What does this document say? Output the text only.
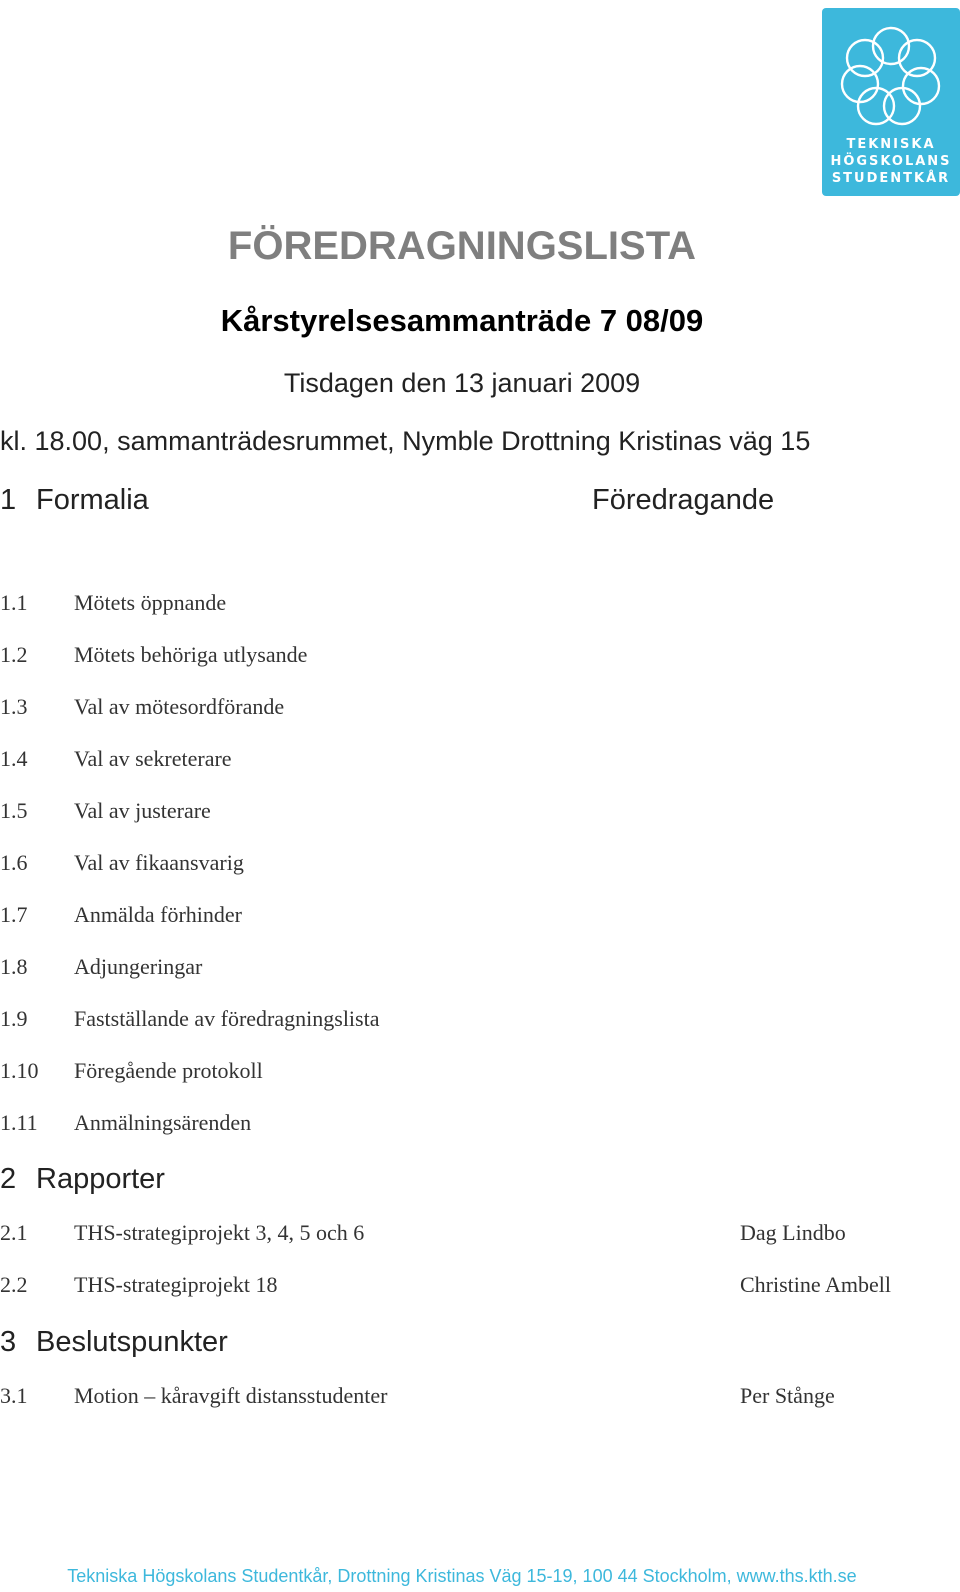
TEKNISKA
HÖGSKOLANS
STUDENTKÅR
FÖREDRAGNINGSLISTA
Kårstyrelsesammanträde 7 08/09
Tisdagen den 13 januari 2009
kl. 18.00, sammanträdesrummet, Nymble Drottning Kristinas väg 15
1 Formalia	Föredragande
1.1 Mötets öppnande
1.2 Mötets behöriga utlysande
1.3 Val av mötesordförande
1.4 Val av sekreterare
1.5 Val av justerare
1.6 Val av fikaansvarig
1.7 Anmälda förhinder
1.8 Adjungeringar
1.9 Fastställande av föredragningslista
1.10 Föregående protokoll
1.11 Anmälningsärenden
2 Rapporter
2.1 THS-strategiprojekt 3, 4, 5 och 6	Dag Lindbo
2.2 THS-strategiprojekt 18	Christine Ambell
3 Beslutspunkter
3.1 Motion – kåravgift distansstudenter	Per Stånge
Tekniska Högskolans Studentkår, Drottning Kristinas Väg 15-19, 100 44 Stockholm, www.ths.kth.se
